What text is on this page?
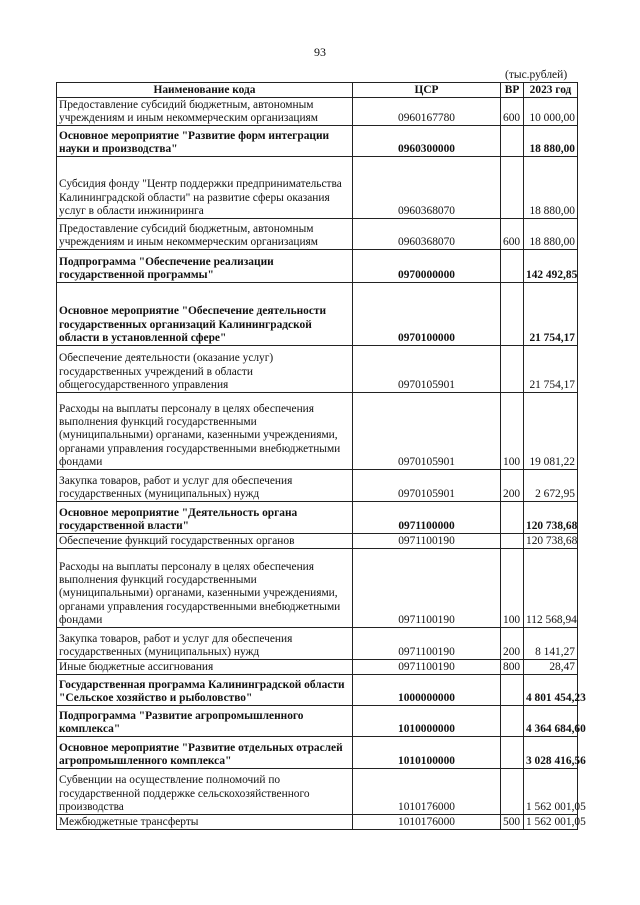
93
(тыс.рублей)
Наименование кода	ЦСР	ВР	2023 год
Предоставление субсидий бюджетным, автономным учреждениям и иным некоммерческим организациям	0960167780	600	10 000,00
Основное мероприятие "Развитие форм интеграции науки и производства"	0960300000		18 880,00
Субсидия фонду "Центр поддержки предпринимательства Калининградской области" на развитие сферы оказания услуг в области инжиниринга	0960368070		18 880,00
Предоставление субсидий бюджетным, автономным учреждениям и иным некоммерческим организациям	0960368070	600	18 880,00
Подпрограмма "Обеспечение реализации государственной программы"	0970000000		142 492,85
Основное мероприятие "Обеспечение деятельности государственных организаций Калининградской области в установленной сфере"	0970100000		21 754,17
Обеспечение деятельности (оказание услуг) государственных учреждений в области общегосударственного управления	0970105901		21 754,17
Расходы на выплаты персоналу в целях обеспечения выполнения функций государственными (муниципальными) органами, казенными учреждениями, органами управления государственными внебюджетными фондами	0970105901	100	19 081,22
Закупка товаров, работ и услуг для обеспечения государственных (муниципальных) нужд	0970105901	200	2 672,95
Основное мероприятие "Деятельность органа государственной власти"	0971100000		120 738,68
Обеспечение функций государственных органов	0971100190		120 738,68
Расходы на выплаты персоналу в целях обеспечения выполнения функций государственными (муниципальными) органами, казенными учреждениями, органами управления государственными внебюджетными фондами	0971100190	100	112 568,94
Закупка товаров, работ и услуг для обеспечения государственных (муниципальных) нужд	0971100190	200	8 141,27
Иные бюджетные ассигнования	0971100190	800	28,47
Государственная программа Калининградской области "Сельское хозяйство и рыболовство"	1000000000		4 801 454,23
Подпрограмма "Развитие агропромышленного комплекса"	1010000000		4 364 684,60
Основное мероприятие "Развитие отдельных отраслей агропромышленного комплекса"	1010100000		3 028 416,56
Субвенции на осуществление полномочий по государственной поддержке сельскохозяйственного производства	1010176000		1 562 001,05
Межбюджетные трансферты	1010176000	500	1 562 001,05
